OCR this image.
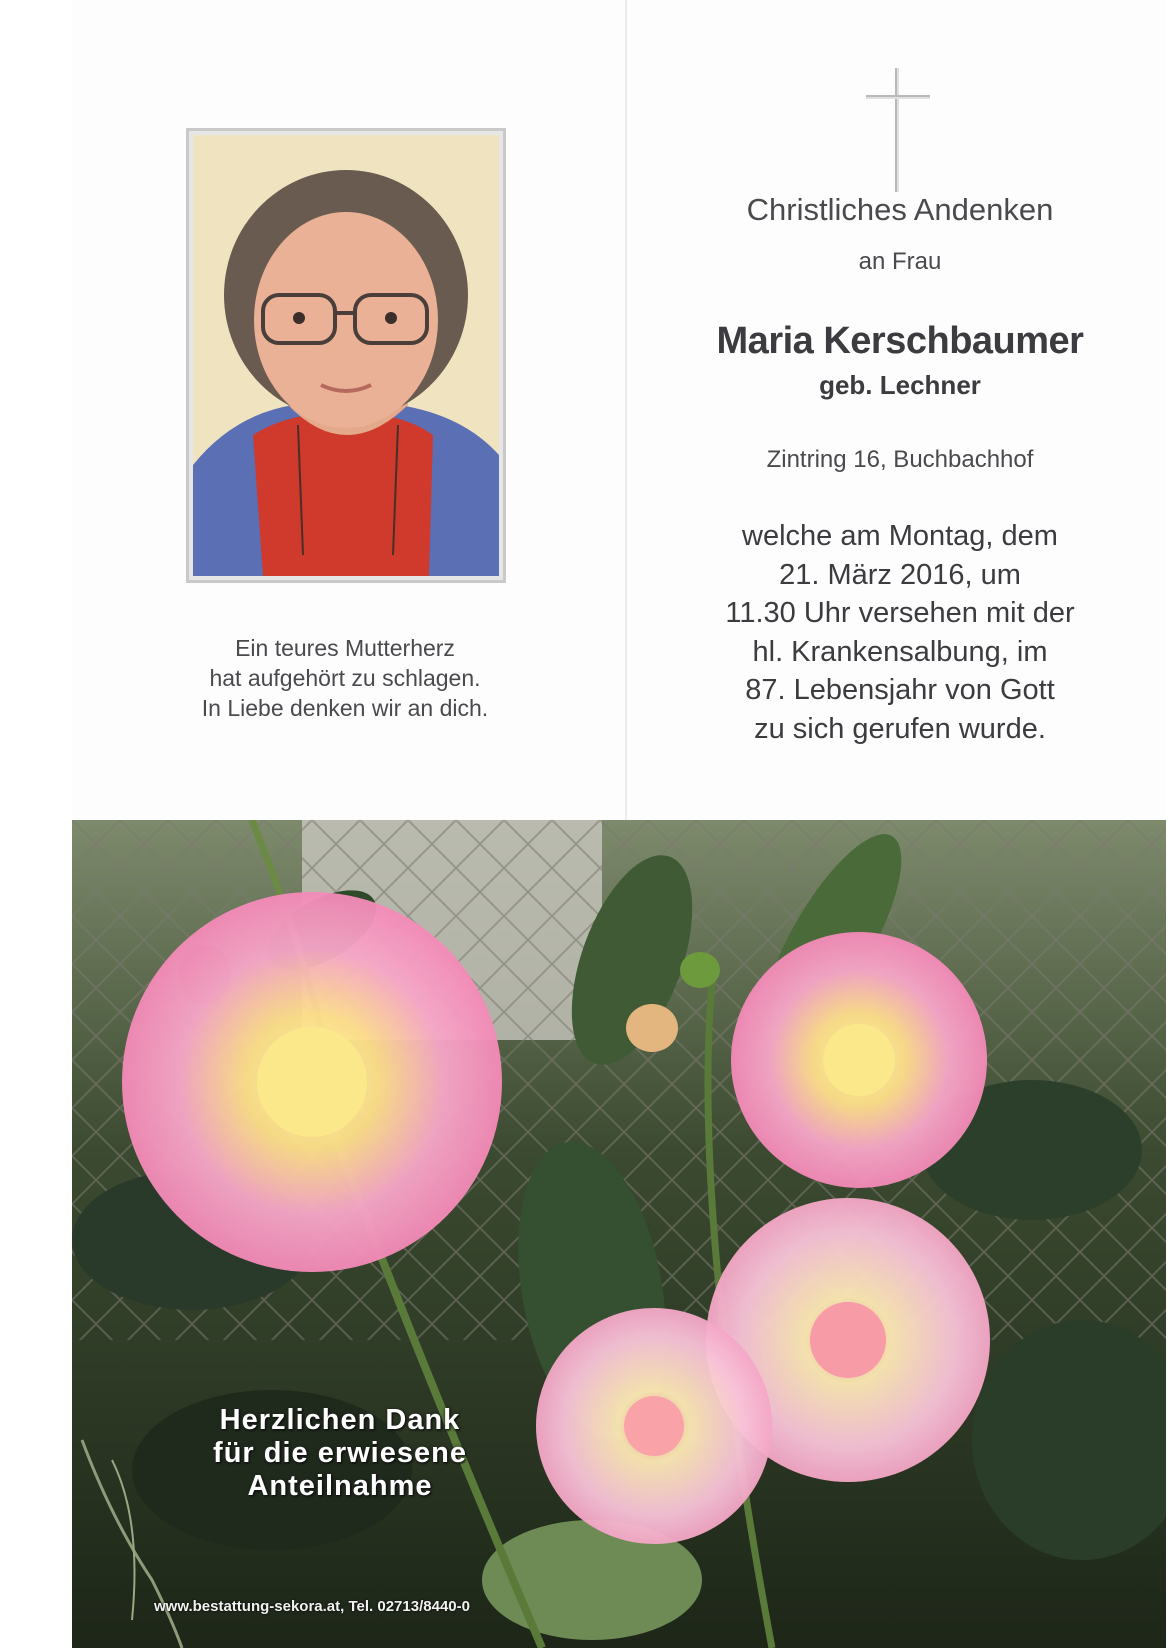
Ein teures Mutterherz
hat aufgehört zu schlagen.
In Liebe denken wir an dich.
Christliches Andenken
an Frau
Maria Kerschbaumer
geb. Lechner
Zintring 16, Buchbachhof
welche am Montag, dem
21. März 2016, um
11.30 Uhr versehen mit der
hl. Krankensalbung, im
87. Lebensjahr von Gott
zu sich gerufen wurde.
Herzlichen Dank
für die erwiesene
Anteilnahme
www.bestattung-sekora.at, Tel. 02713/8440-0
